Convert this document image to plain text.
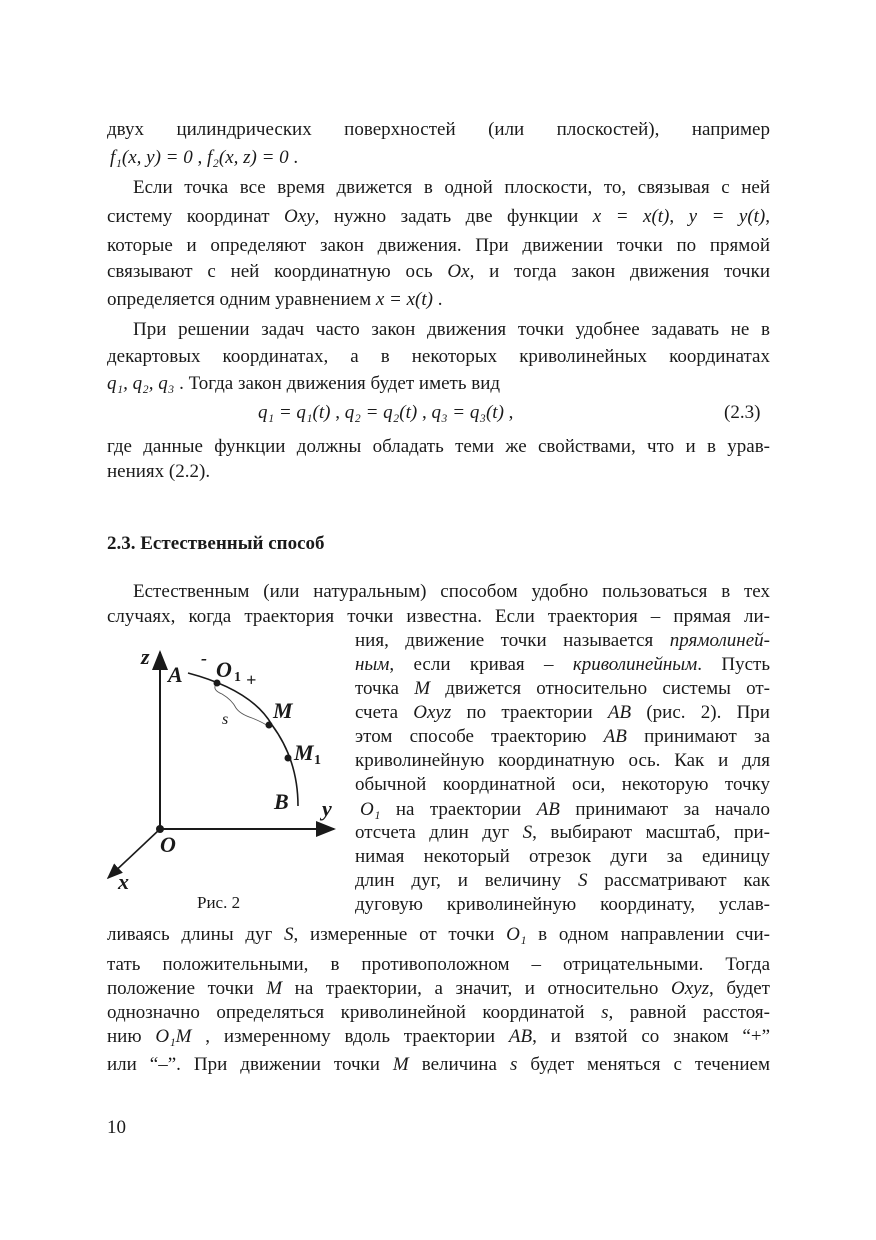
двух цилиндрических поверхностей (или плоскостей), например
f₁(x, y) = 0 , f₂(x, z) = 0 .
Если точка все время движется в одной плоскости, то, связывая с ней
систему координат Oxy, нужно задать две функции x = x(t), y = y(t),
которые и определяют закон движения. При движении точки по прямой
связывают с ней координатную ось Ox, и тогда закон движения точки
определяется одним уравнением x = x(t) .
При решении задач часто закон движения точки удобнее задавать не в
декартовых координатах, а в некоторых криволинейных координатах
q₁, q₂, q₃ . Тогда закон движения будет иметь вид
q₁ = q₁(t) , q₂ = q₂(t) , q₃ = q₃(t) ,
где данные функции должны обладать теми же свойствами, что и в урав-
нениях (2.2).
Естественным (или натуральным) способом удобно пользоваться в тех
случаях, когда траектория точки известна. Если траектория – прямая ли-
ния, движение точки называется прямолиней-
ным, если кривая – криволинейным. Пусть
точка M движется относительно системы от-
счета Oxyz по траектории AB (рис. 2). При
этом способе траекторию AB принимают за
криволинейную координатную ось. Как и для
обычной координатной оси, некоторую точку
O₁ на траектории AB принимают за начало
отсчета длин дуг S, выбирают масштаб, при-
нимая некоторый отрезок дуги за единицу
длин дуг, и величину S рассматривают как
дуговую криволинейную координату, услав-
ливаясь длины дуг S, измеренные от точки O₁ в одном направлении счи-
тать положительными, в противоположном – отрицательными. Тогда
положение точки M на траектории, а значит, и относительно Oxyz, будет
однозначно определяться криволинейной координатой s, равной расстоя-
нию O₁M , измеренному вдоль траектории AB, и взятой со знаком “+”
или “–”. При движении точки M величина s будет меняться с течением
(2.3)
2.3. Естественный способ
z
A
- O 1 +
M
M 1
B y
O
x
s
Рис. 2
10
